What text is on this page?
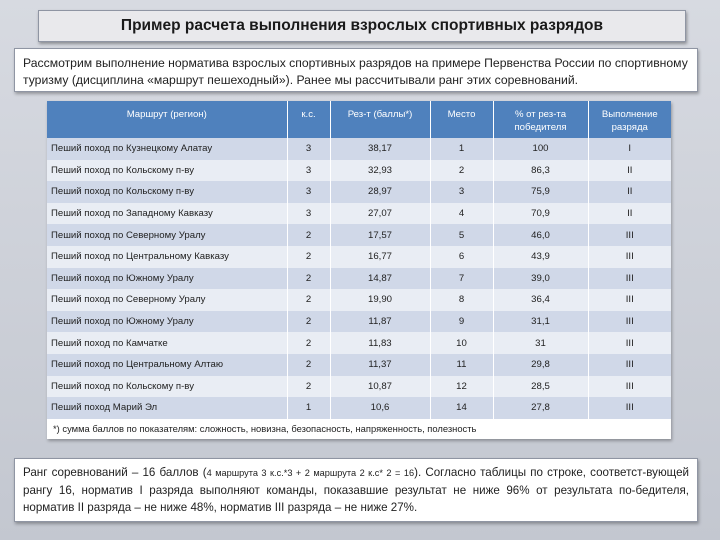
Пример расчета выполнения взрослых спортивных разрядов
Рассмотрим выполнение норматива взрослых спортивных разрядов на примере Первенства России по спортивному туризму (дисциплина «маршрут пешеходный»). Ранее мы рассчитывали ранг этих соревнований.
Маршрут (регион)	к.с.	Рез-т (баллы*)	Место	% от рез-та победителя	Выполнение разряда
Пеший поход по Кузнецкому Алатау	3	38,17	1	100	I
Пеший поход по Кольскому п-ву	3	32,93	2	86,3	II
Пеший поход по Кольскому п-ву	3	28,97	3	75,9	II
Пеший поход по Западному Кавказу	3	27,07	4	70,9	II
Пеший поход по Северному Уралу	2	17,57	5	46,0	III
Пеший поход по Центральному Кавказу	2	16,77	6	43,9	III
Пеший поход по Южному Уралу	2	14,87	7	39,0	III
Пеший поход по Северному Уралу	2	19,90	8	36,4	III
Пеший поход по Южному Уралу	2	11,87	9	31,1	III
Пеший поход по Камчатке	2	11,83	10	31	III
Пеший поход по Центральному Алтаю	2	11,37	11	29,8	III
Пеший поход по Кольскому п-ву	2	10,87	12	28,5	III
Пеший поход Марий Эл	1	10,6	14	27,8	III
*) сумма баллов по показателям: сложность, новизна, безопасность, напряженность, полезность					
Ранг соревнований – 16 баллов (4 маршрута 3 к.с.*3 + 2 маршрута 2 к.с* 2 = 16). Согласно таблицы по строке, соответст-вующей рангу 16, норматив I разряда выполняют команды, показавшие результат не ниже 96% от результата по-бедителя, норматив II разряда – не ниже 48%, норматив III разряда – не ниже 27%.
